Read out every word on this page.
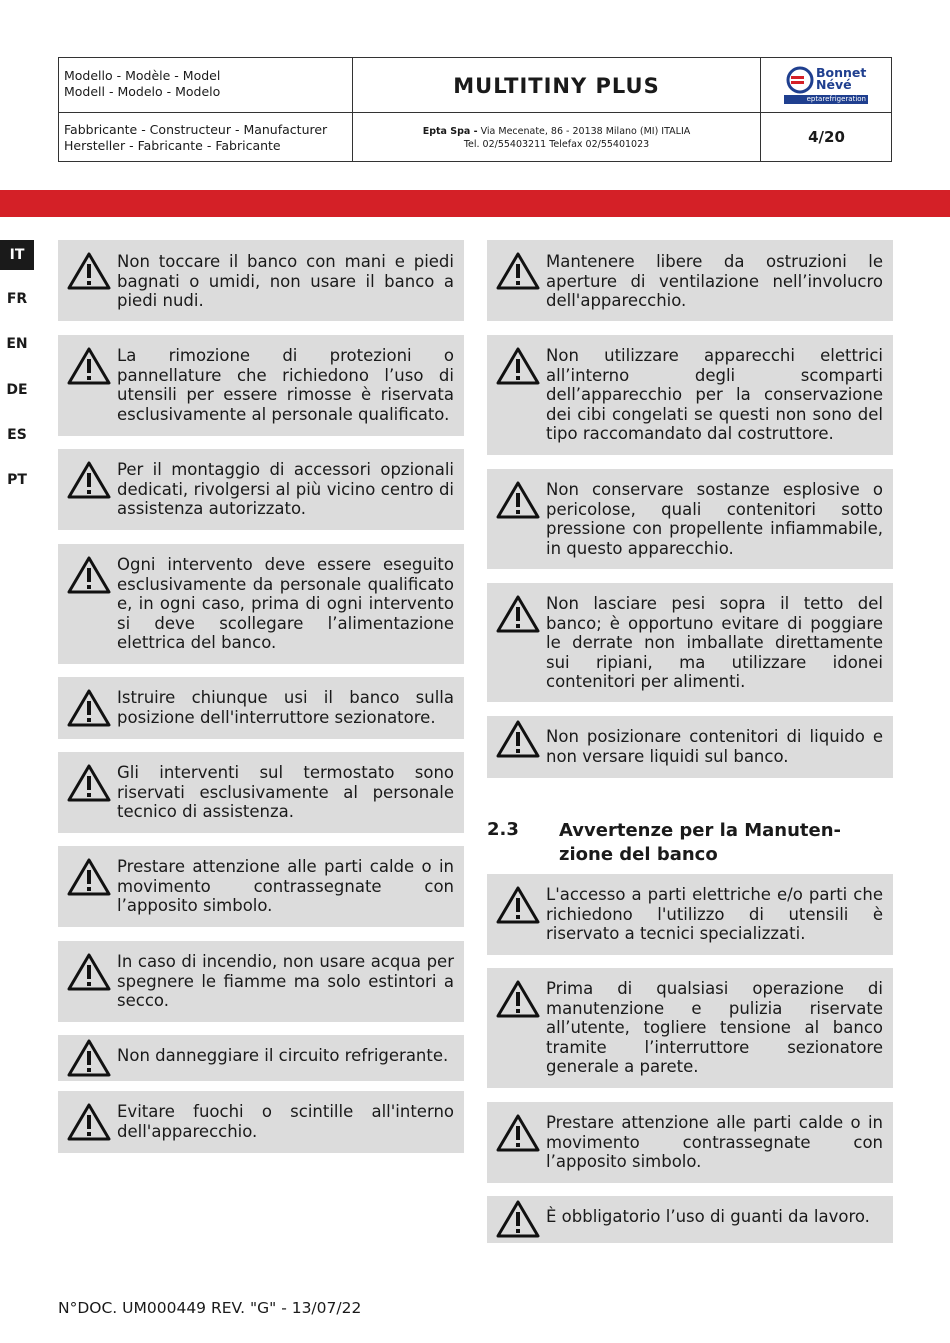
Modello - Modèle - Model
Modell - Modelo - Modelo	MULTITINY PLUS
Bonnet
Névé
eptarefrigeration
Fabbricante - Constructeur - Manufacturer
Hersteller - Fabricante - Fabricante
Epta Spa - Via Mecenate, 86 - 20138 Milano (MI) ITALIA
Tel. 02/55403211 Telefax 02/55401023	4/20
IT
FR
EN
DE
ES
PT
Non toccare il banco con mani e piedi bagnati o umidi, non usare il banco a piedi nudi.
La rimozione di protezioni o pannellature che richiedono l’uso di utensili per essere rimosse è riservata esclusivamente al personale qualificato.
Per il montaggio di accessori opzionali dedicati, rivolgersi al più vicino centro di assistenza autorizzato.
Ogni intervento deve essere eseguito esclusivamente da personale qualificato e, in ogni caso, prima di ogni intervento si deve scollegare l’alimentazione elettrica del banco.
Istruire chiunque usi il banco sulla posizione dell'interruttore sezionatore.
Gli interventi sul termostato sono riservati esclusivamente al personale tecnico di assistenza.
Prestare attenzione alle parti calde o in movimento contrassegnate con l’apposito simbolo.
In caso di incendio, non usare acqua per spegnere le fiamme ma solo estintori a secco.
Non danneggiare il circuito refrigerante.
Evitare fuochi o scintille all'interno dell'apparecchio.
Mantenere libere da ostruzioni le aperture di ventilazione nell’involucro dell'apparecchio.
Non utilizzare apparecchi elettrici all’interno degli scomparti dell’apparecchio per la conservazione dei cibi congelati se questi non sono del tipo raccomandato dal costruttore.
Non conservare sostanze esplosive o pericolose, quali contenitori sotto pressione con propellente infiammabile, in questo apparecchio.
Non lasciare pesi sopra il tetto del banco; è opportuno evitare di poggiare le derrate non imballate direttamente sui ripiani, ma utilizzare idonei contenitori per alimenti.
Non posizionare contenitori di liquido e non versare liquidi sul banco.
2.3 Avvertenze per la Manuten-zione del banco
L'accesso a parti elettriche e/o parti che richiedono l'utilizzo di utensili è riservato a tecnici specializzati.
Prima di qualsiasi operazione di manutenzione e pulizia riservate all’utente, togliere tensione al banco tramite l’interruttore sezionatore generale a parete.
Prestare attenzione alle parti calde o in movimento contrassegnate con l’apposito simbolo.
È obbligatorio l’uso di guanti da lavoro.
N°DOC. UM000449 REV. "G" - 13/07/22
